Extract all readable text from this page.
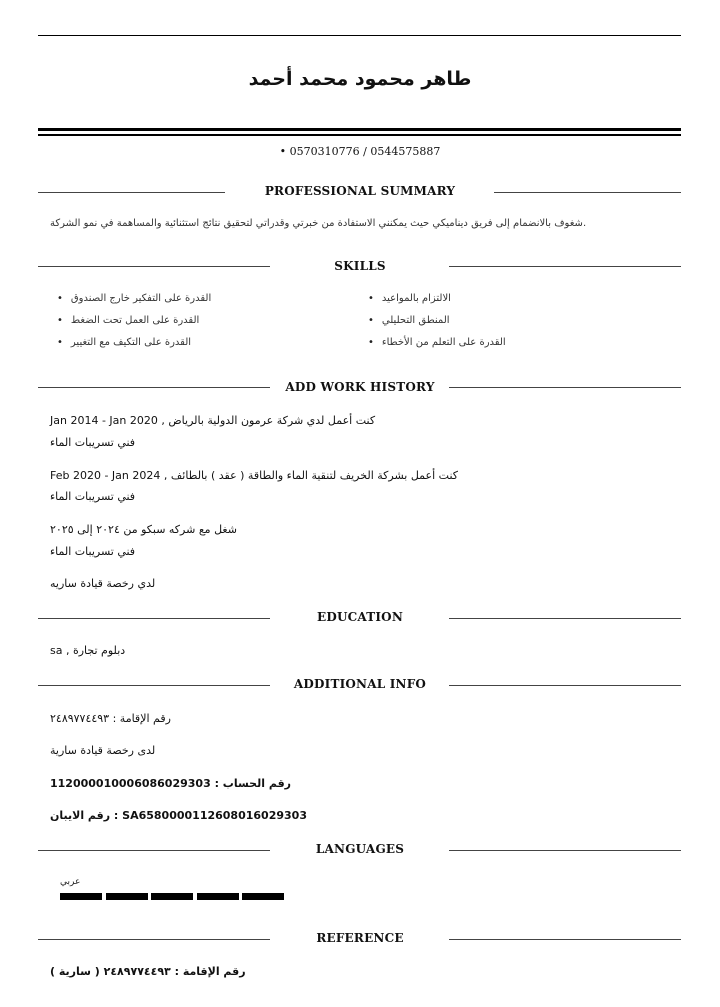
طاهر محمود محمد أحمد
• 0570310776 / 0544575887
PROFESSIONAL SUMMARY
شغوف بالانضمام إلى فريق ديناميكي حيث يمكنني الاستفادة من خبرتي وقدراتي لتحقيق نتائج استثنائية والمساهمة في نمو الشركة.
SKILLS
• القدرة على التفكير خارج الصندوق
• القدرة على العمل تحت الضغط
• القدرة على التكيف مع التغيير
• الالتزام بالمواعيد
• المنطق التحليلي
• القدرة على التعلم من الأخطاء
ADD WORK HISTORY
Jan 2014 - Jan 2020 , كنت أعمل لدي شركة عرمون الدولية بالرياض
فني تسريبات الماء
Feb 2020 - Jan 2024 , كنت أعمل بشركة الخريف لتنقية الماء والطاقة ( عقد ) بالطائف
فني تسريبات الماء
شغل مع شركه سبكو من ٢٠٢٤ إلى ٢٠٢٥
فني تسريبات الماء
لدي رخصة قيادة ساريه
EDUCATION
sa , دبلوم تجارة
ADDITIONAL INFO
رقم الإقامة : ٢٤٨٩٧٧٤٤٩٣
لدى رخصة قيادة سارية
رقم الحساب : 112000010006086029303
رقم الايبان : SA6580000112608016029303
LANGUAGES
عربي
REFERENCE
رقم الإقامة : ٢٤٨٩٧٧٤٤٩٣ ( سارية )
